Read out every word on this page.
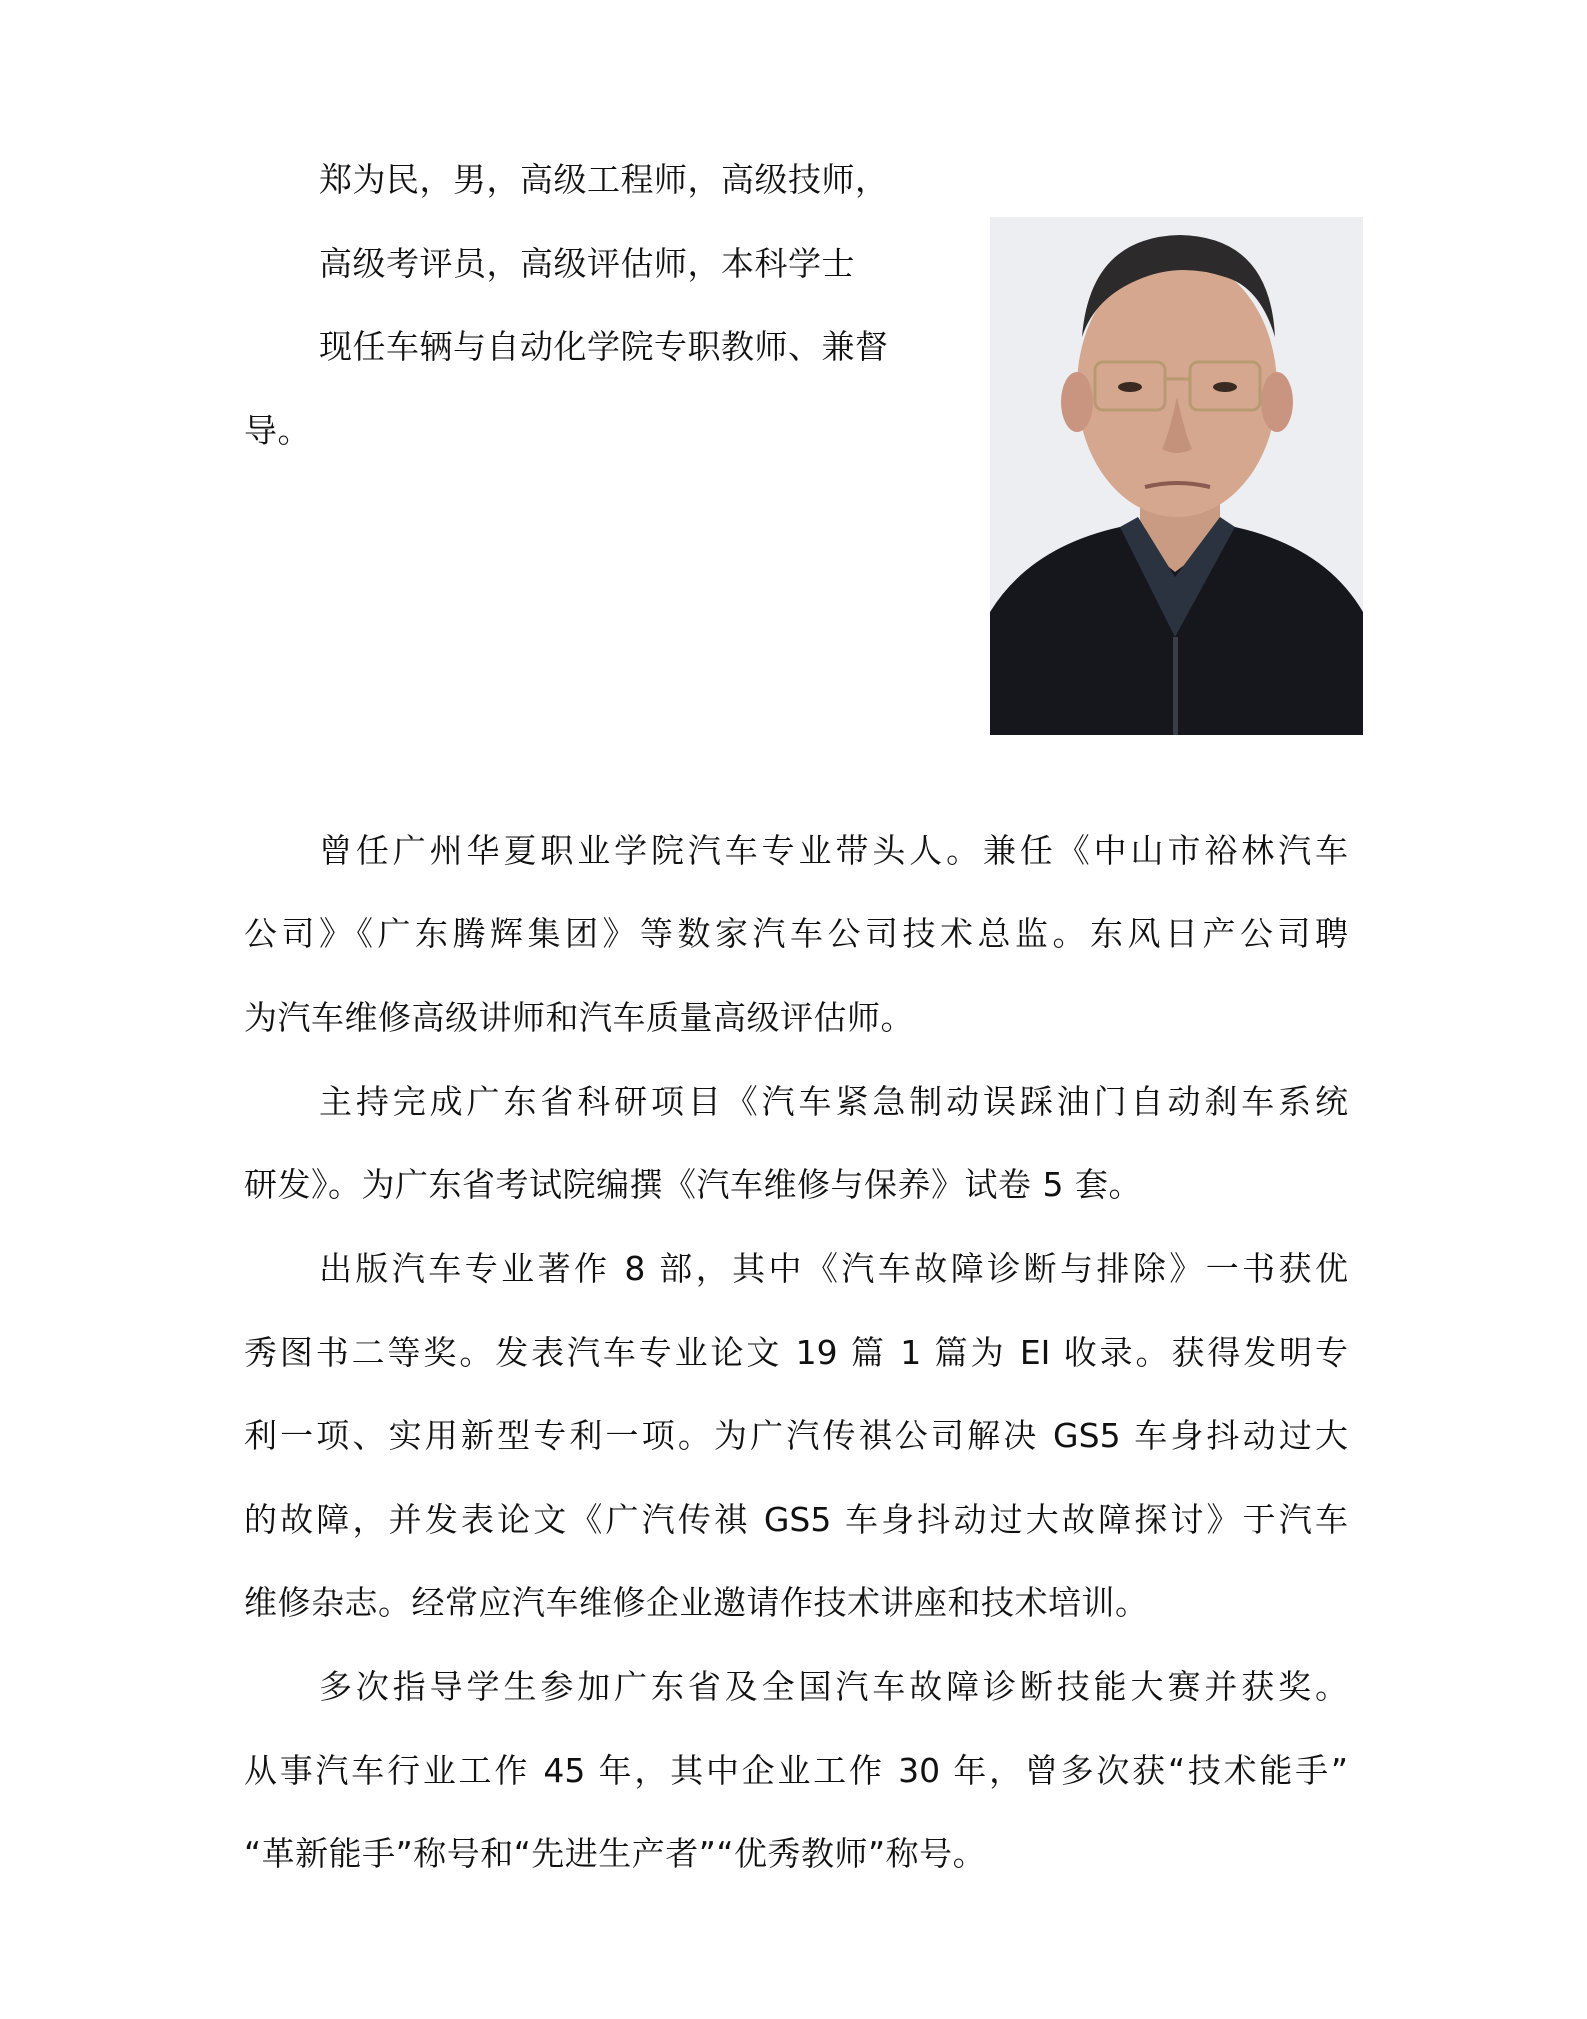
郑为民，男，高级工程师，高级技师，
高级考评员，高级评估师，本科学士
现任车辆与自动化学院专职教师、兼督
导。
曾任广州华夏职业学院汽车专业带头人。兼任《中山市裕林汽车
公司》《广东腾辉集团》等数家汽车公司技术总监。东风日产公司聘
为汽车维修高级讲师和汽车质量高级评估师。
主持完成广东省科研项目《汽车紧急制动误踩油门自动刹车系统
研发》。为广东省考试院编撰《汽车维修与保养》试卷 5 套。
出版汽车专业著作 8 部，其中《汽车故障诊断与排除》一书获优
秀图书二等奖。发表汽车专业论文 19 篇 1 篇为 EI 收录。获得发明专
利一项、实用新型专利一项。为广汽传祺公司解决 GS5 车身抖动过大
的故障，并发表论文《广汽传祺 GS5 车身抖动过大故障探讨》于汽车
维修杂志。经常应汽车维修企业邀请作技术讲座和技术培训。
多次指导学生参加广东省及全国汽车故障诊断技能大赛并获奖。
从事汽车行业工作 45 年，其中企业工作 30 年，曾多次获“技术能手”
“革新能手”称号和“先进生产者”“优秀教师”称号。
